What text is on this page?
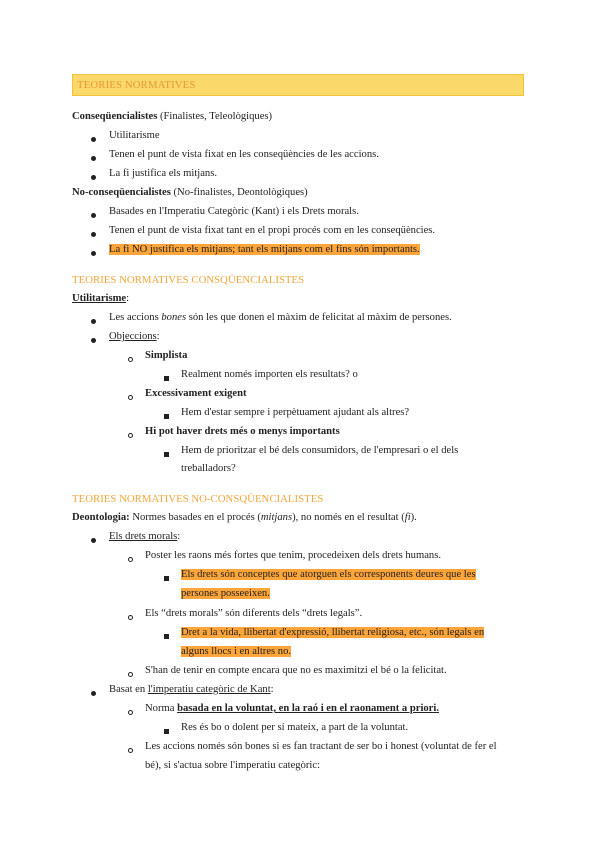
TEORIES NORMATIVES
Conseqüencialistes (Finalistes, Teleològiques)
Utilitarisme
Tenen el punt de vista fixat en les conseqüències de les accions.
La fi justifica els mitjans.
No-conseqüencialistes (No-finalistes, Deontològiques)
Basades en l'Imperatiu Categòric (Kant) i els Drets morals.
Tenen el punt de vista fixat tant en el propi procés com en les conseqüències.
La fi NO justifica els mitjans; tant els mitjans com el fins són importants.
TEORIES NORMATIVES CONSQÜENCIALISTES
Utilitarisme:
Les accions bones són les que donen el màxim de felicitat al màxim de persones.
Objeccions:
Simplista
Realment només importen els resultats? o
Excessivament exigent
Hem d'estar sempre i perpètuament ajudant als altres?
Hi pot haver drets més o menys importants
Hem de prioritzar el bé dels consumidors, de l'empresari o el dels
treballadors?
TEORIES NORMATIVES NO-CONSQÜENCIALISTES
Deontologia: Normes basades en el procés (mitjans), no només en el resultat (fi).
Els drets morals:
Poster les raons més fortes que tenim, procedeixen dels drets humans.
Els drets són conceptes que atorguen els corresponents deures que les
persones posseeixen.
Els “drets morals” són diferents dels “drets legals”.
Dret a la vida, llibertat d'expressió, llibertat religiosa, etc., són legals en
alguns llocs i en altres no.
S'han de tenir en compte encara que no es maximitzi el bé o la felicitat.
Basat en l'imperatiu categòric de Kant:
Norma basada en la voluntat, en la raó i en el raonament a priori.
Res és bo o dolent per sí mateix, a part de la voluntat.
Les accions només són bones si es fan tractant de ser bo i honest (voluntat de fer el
bé), si s'actua sobre l'imperatiu categòric:
